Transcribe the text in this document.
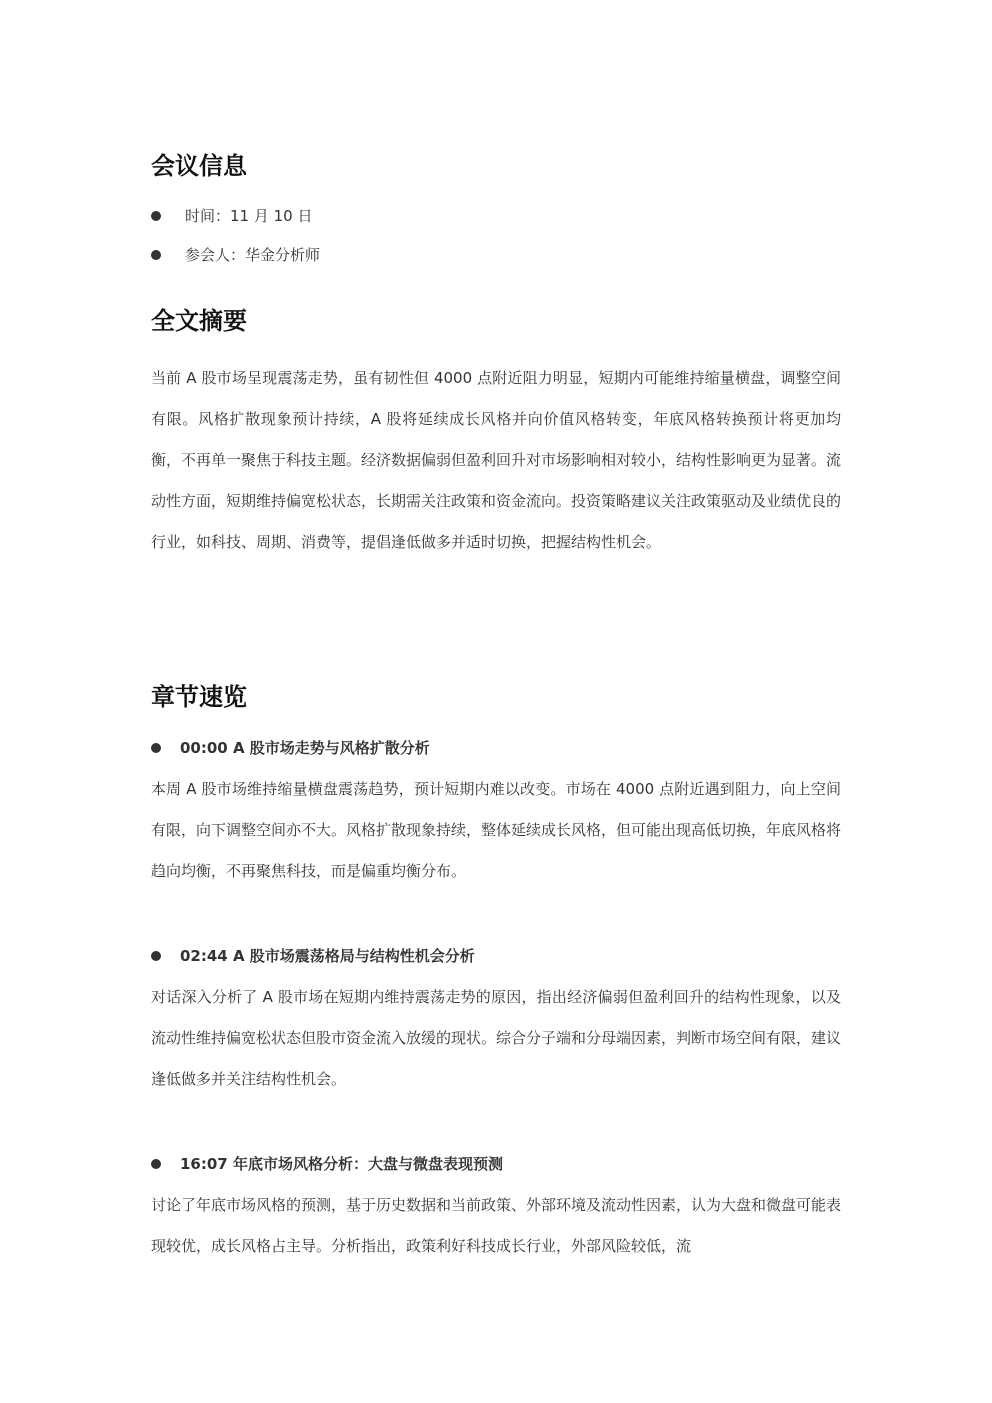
会议信息
时间：11 月 10 日
参会人：华金分析师
全文摘要

当前 A 股市场呈现震荡走势，虽有韧性但 4000 点附近阻力明显，短期内可能维持缩量横盘，调整空间有限。风格扩散现象预计持续，A 股将延续成长风格并向价值风格转变，年底风格转换预计将更加均衡，不再单一聚焦于科技主题。经济数据偏弱但盈利回升对市场影响相对较小，结构性影响更为显著。流动性方面，短期维持偏宽松状态，长期需关注政策和资金流向。投资策略建议关注政策驱动及业绩优良的行业，如科技、周期、消费等，提倡逢低做多并适时切换，把握结构性机会。

章节速览
00:00 A 股市场走势与风格扩散分析

本周 A 股市场维持缩量横盘震荡趋势，预计短期内难以改变。市场在 4000 点附近遇到阻力，向上空间有限，向下调整空间亦不大。风格扩散现象持续，整体延续成长风格，但可能出现高低切换，年底风格将趋向均衡，不再聚焦科技，而是偏重均衡分布。

02:44 A 股市场震荡格局与结构性机会分析

对话深入分析了 A 股市场在短期内维持震荡走势的原因，指出经济偏弱但盈利回升的结构性现象，以及流动性维持偏宽松状态但股市资金流入放缓的现状。综合分子端和分母端因素，判断市场空间有限，建议逢低做多并关注结构性机会。

16:07 年底市场风格分析：大盘与微盘表现预测

讨论了年底市场风格的预测，基于历史数据和当前政策、外部环境及流动性因素，认为大盘和微盘可能表现较优，成长风格占主导。分析指出，政策利好科技成长行业，外部风险较低，流
